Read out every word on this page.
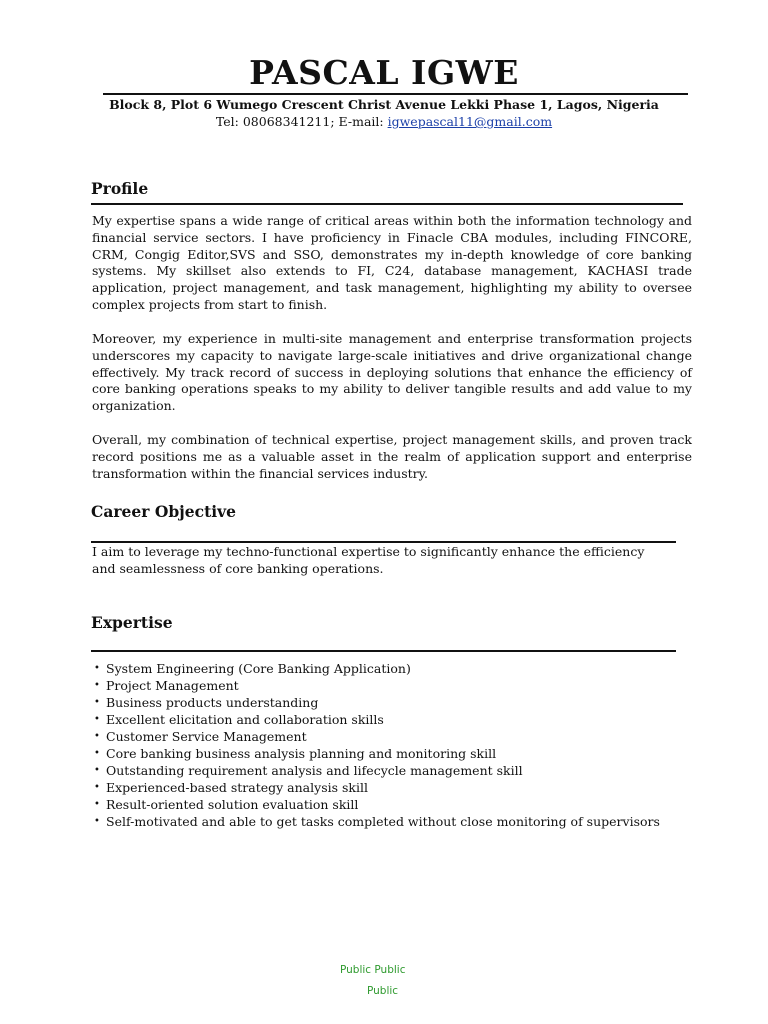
PASCAL IGWE
Block 8, Plot 6 Wumego Crescent Christ Avenue Lekki Phase 1, Lagos, Nigeria
Tel: 08068341211; E-mail: igwepascal11@gmail.com
Profile

My expertise spans a wide range of critical areas within both the information technology and financial service sectors. I have proficiency in Finacle CBA modules, including FINCORE, CRM, Congig Editor,SVS and SSO, demonstrates my in-depth knowledge of core banking systems. My skillset also extends to FI, C24, database management, KACHASI trade application, project management, and task management, highlighting my ability to oversee complex projects from start to finish.

Moreover, my experience in multi-site management and enterprise transformation projects underscores my capacity to navigate large-scale initiatives and drive organizational change effectively. My track record of success in deploying solutions that enhance the efficiency of core banking operations speaks to my ability to deliver tangible results and add value to my organization.

Overall, my combination of technical expertise, project management skills, and proven track record positions me as a valuable asset in the realm of application support and enterprise transformation within the financial services industry.

Career Objective

I aim to leverage my techno-functional expertise to significantly enhance the efficiency and seamlessness of core banking operations.

Expertise
• System Engineering (Core Banking Application)
• Project Management
• Business products understanding
• Excellent elicitation and collaboration skills
• Customer Service Management
• Core banking business analysis planning and monitoring skill
• Outstanding requirement analysis and lifecycle management skill
• Experienced-based strategy analysis skill
• Result-oriented solution evaluation skill
• Self-motivated and able to get tasks completed without close monitoring of supervisors
Public Public
Public
